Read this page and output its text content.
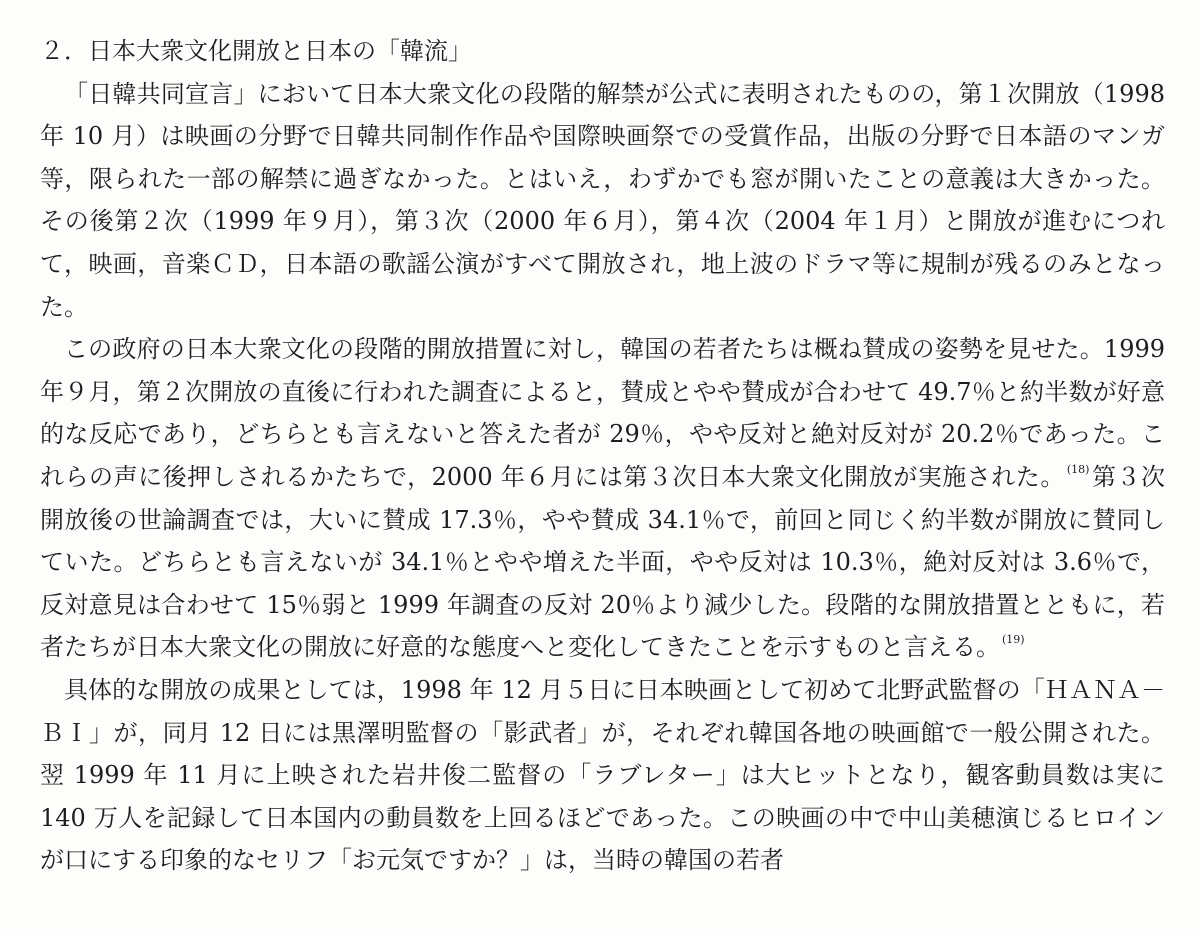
２．日本大衆文化開放と日本の「韓流」

「日韓共同宣言」において日本大衆文化の段階的解禁が公式に表明されたものの，第１次開放（1998 年 10 月）は映画の分野で日韓共同制作作品や国際映画祭での受賞作品，出版の分野で日本語のマンガ等，限られた一部の解禁に過ぎなかった。とはいえ，わずかでも窓が開いたことの意義は大きかった。その後第２次（1999 年９月），第３次（2000 年６月），第４次（2004 年１月）と開放が進むにつれて，映画，音楽ＣＤ，日本語の歌謡公演がすべて開放され，地上波のドラマ等に規制が残るのみとなった。

この政府の日本大衆文化の段階的開放措置に対し，韓国の若者たちは概ね賛成の姿勢を見せた。1999 年９月，第２次開放の直後に行われた調査によると，賛成とやや賛成が合わせて 49.7％と約半数が好意的な反応であり，どちらとも言えないと答えた者が 29％，やや反対と絶対反対が 20.2％であった。これらの声に後押しされるかたちで，2000 年６月には第３次日本大衆文化開放が実施された。 $^{(18)}$第３次開放後の世論調査では，大いに賛成 17.3％，やや賛成 34.1％で，前回と同じく約半数が開放に賛同していた。どちらとも言えないが 34.1％とやや増えた半面，やや反対は 10.3％，絶対反対は 3.6％で，反対意見は合わせて 15％弱と 1999 年調査の反対 20％より減少した。段階的な開放措置とともに，若者たちが日本大衆文化の開放に好意的な態度へと変化してきたことを示すものと言える。 $^{(19)}$

具体的な開放の成果としては，1998 年 12 月５日に日本映画として初めて北野武監督の「ＨＡＮＡ－ＢＩ」が，同月 12 日には黒澤明監督の「影武者」が，それぞれ韓国各地の映画館で一般公開された。翌 1999 年 11 月に上映された岩井俊二監督の「ラブレター」は大ヒットとなり，観客動員数は実に 140 万人を記録して日本国内の動員数を上回るほどであった。この映画の中で中山美穂演じるヒロインが口にする印象的なセリフ「お元気ですか？」は，当時の韓国の若者
